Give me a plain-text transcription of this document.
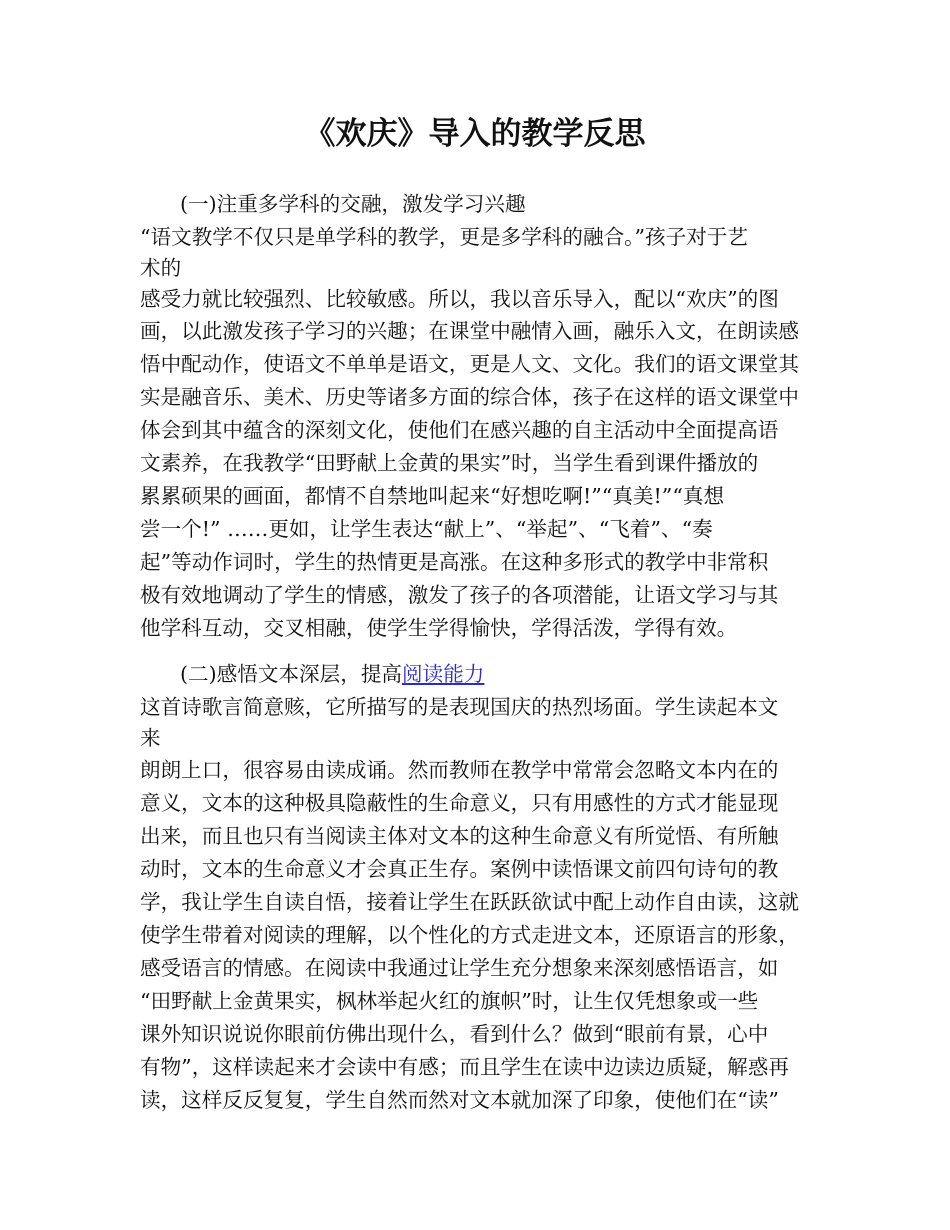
《欢庆》导入的教学反思

(一)注重多学科的交融，激发学习兴趣

“语文教学不仅只是单学科的教学，更是多学科的融合。”孩子对于艺

术的

感受力就比较强烈、比较敏感。所以，我以音乐导入，配以“欢庆”的图

画，以此激发孩子学习的兴趣；在课堂中融情入画，融乐入文，在朗读感

悟中配动作，使语文不单单是语文，更是人文、文化。我们的语文课堂其

实是融音乐、美术、历史等诸多方面的综合体，孩子在这样的语文课堂中

体会到其中蕴含的深刻文化，使他们在感兴趣的自主活动中全面提高语

文素养，在我教学“田野献上金黄的果实”时，当学生看到课件播放的

累累硕果的画面，都情不自禁地叫起来“好想吃啊!”“真美!”“真想

尝一个!” ……更如，让学生表达“献上”、“举起”、“飞着”、“奏

起”等动作词时，学生的热情更是高涨。在这种多形式的教学中非常积

极有效地调动了学生的情感，激发了孩子的各项潜能，让语文学习与其

他学科互动，交叉相融，使学生学得愉快，学得活泼，学得有效。

(二)感悟文本深层，提高阅读能力

这首诗歌言简意赅，它所描写的是表现国庆的热烈场面。学生读起本文

来

朗朗上口，很容易由读成诵。然而教师在教学中常常会忽略文本内在的

意义，文本的这种极具隐蔽性的生命意义，只有用感性的方式才能显现

出来，而且也只有当阅读主体对文本的这种生命意义有所觉悟、有所触

动时，文本的生命意义才会真正生存。案例中读悟课文前四句诗句的教

学，我让学生自读自悟，接着让学生在跃跃欲试中配上动作自由读，这就

使学生带着对阅读的理解，以个性化的方式走进文本，还原语言的形象，

感受语言的情感。在阅读中我通过让学生充分想象来深刻感悟语言，如

“田野献上金黄果实，枫林举起火红的旗帜”时，让生仅凭想象或一些

课外知识说说你眼前仿佛出现什么，看到什么？做到“眼前有景，心中

有物”，这样读起来才会读中有感；而且学生在读中边读边质疑，解惑再

读，这样反反复复，学生自然而然对文本就加深了印象，使他们在“读”
